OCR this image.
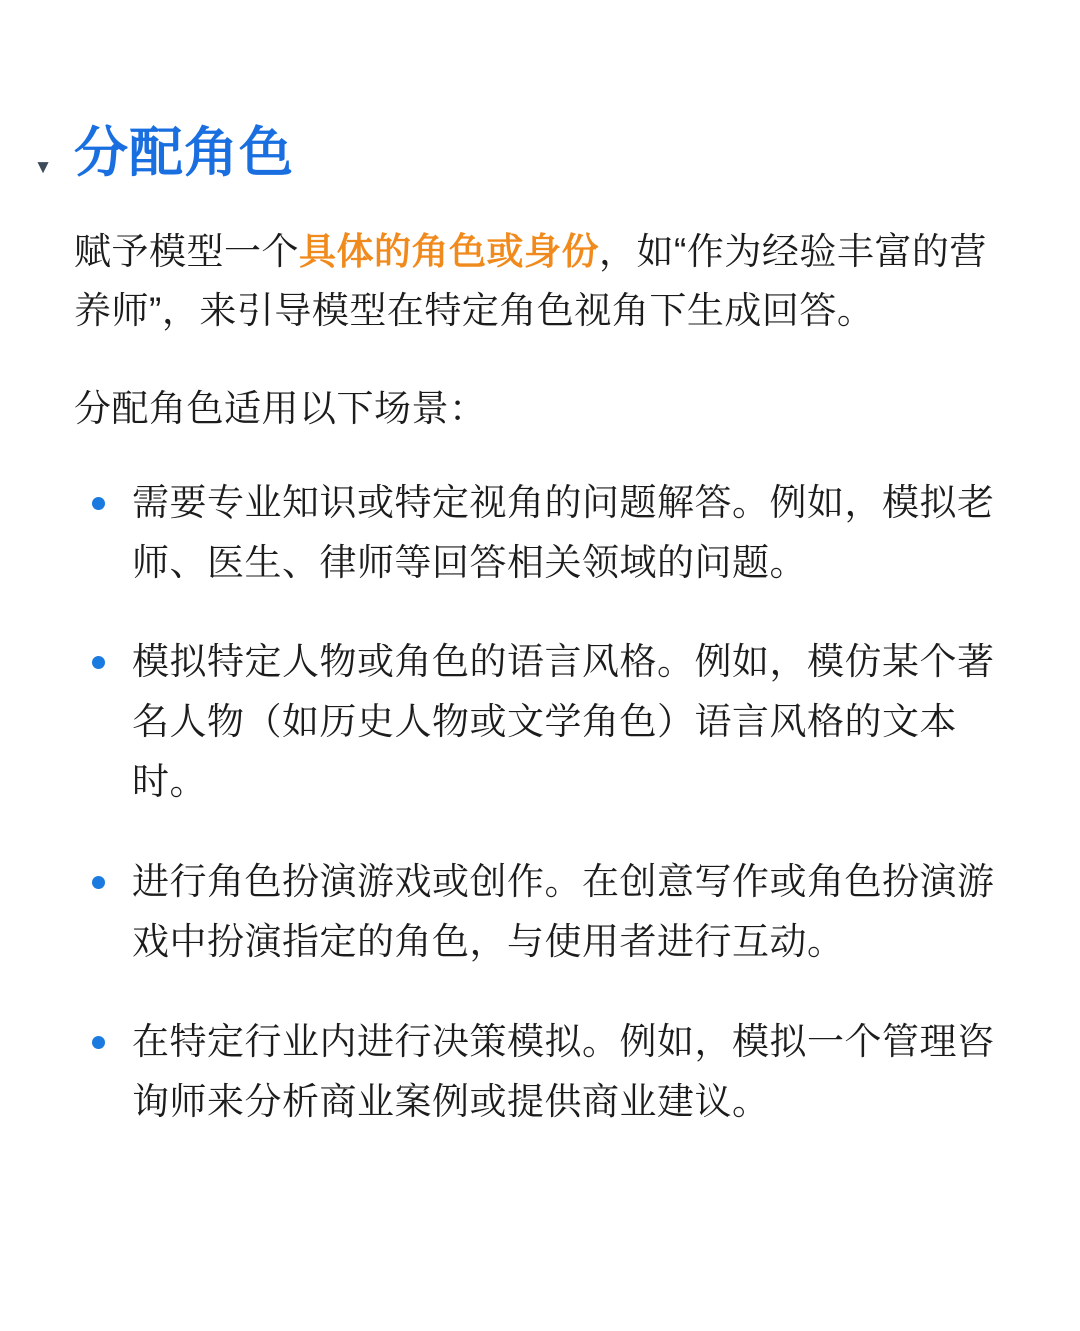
▼ 分配角色

赋予模型一个具体的角色或身份，如“作为经验丰富的营养师”，来引导模型在特定角色视角下生成回答。

分配角色适用以下场景：

需要专业知识或特定视角的问题解答。例如，模拟老师、医生、律师等回答相关领域的问题。
模拟特定人物或角色的语言风格。例如，模仿某个著名人物（如历史人物或文学角色）语言风格的文本时。
进行角色扮演游戏或创作。在创意写作或角色扮演游戏中扮演指定的角色，与使用者进行互动。
在特定行业内进行决策模拟。例如，模拟一个管理咨询师来分析商业案例或提供商业建议。
